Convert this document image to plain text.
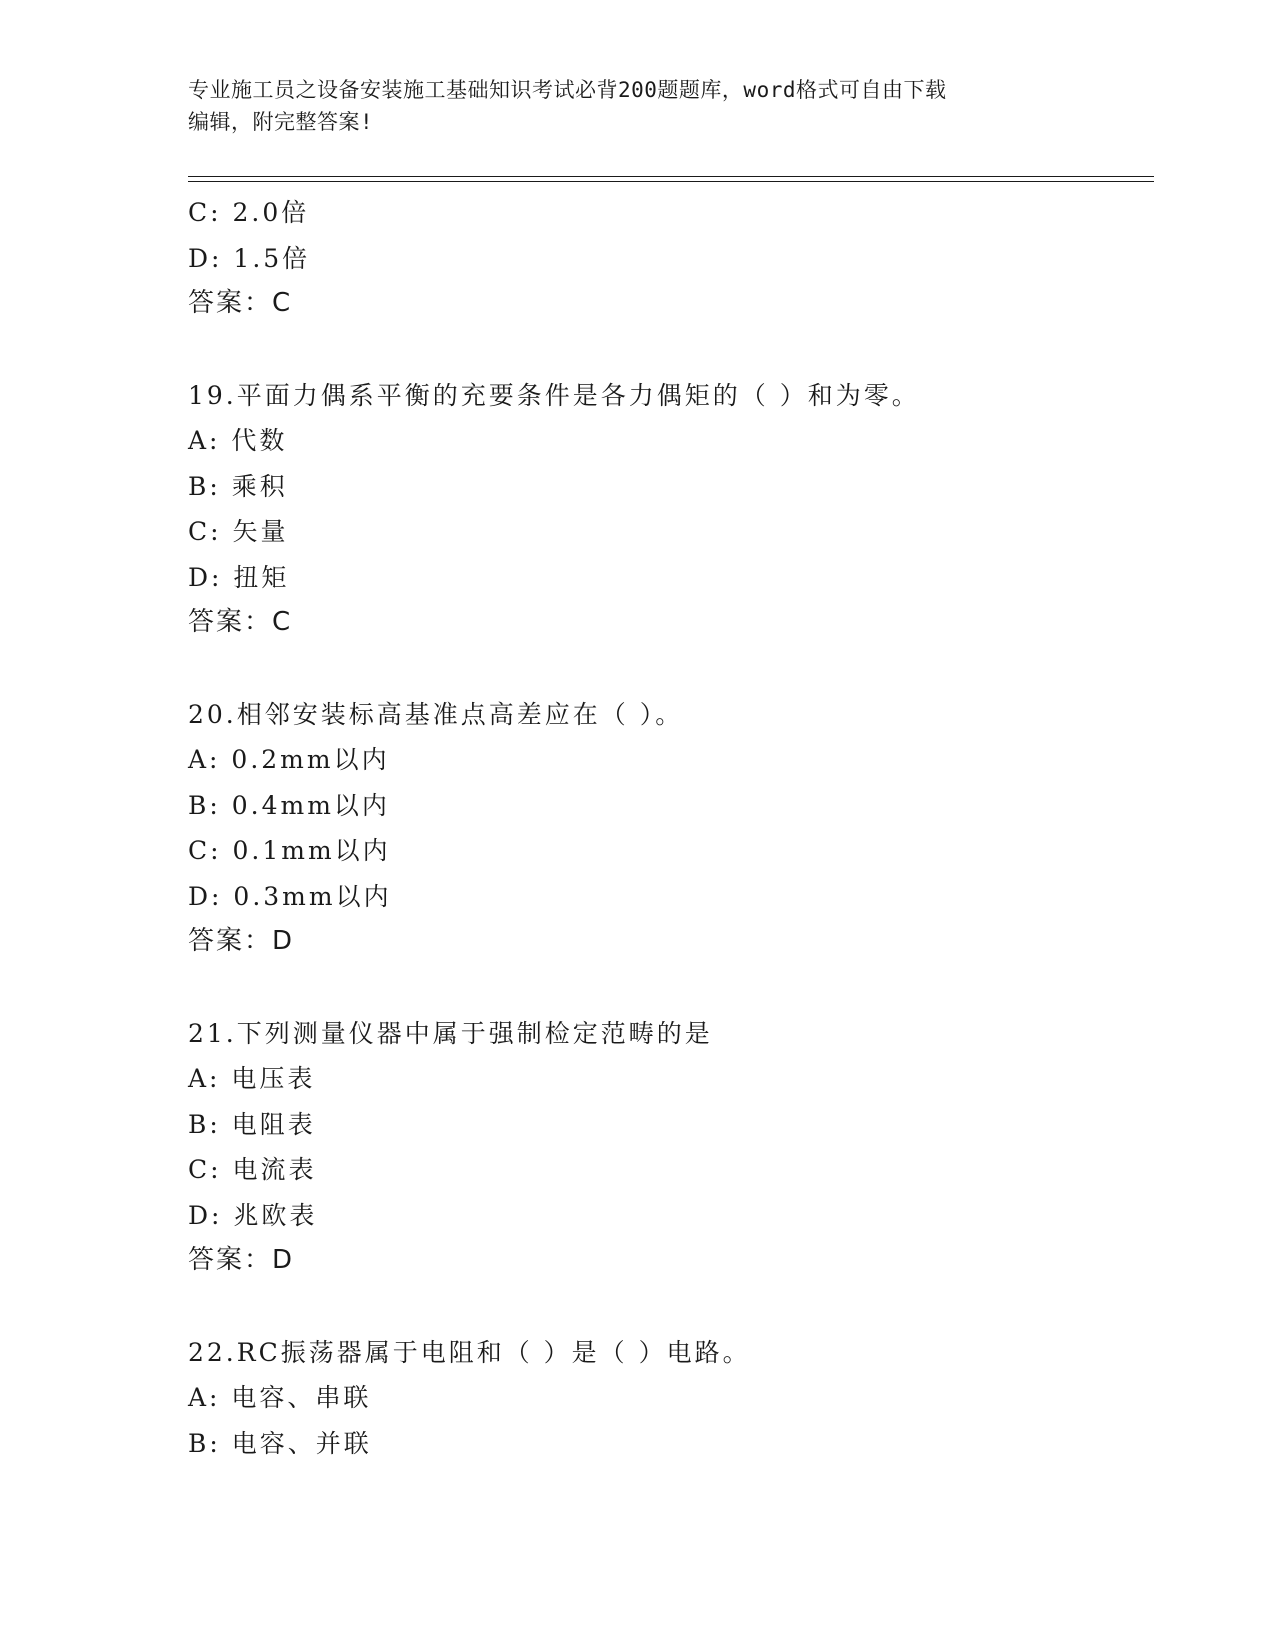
专业施工员之设备安装施工基础知识考试必背200题题库，word格式可自由下载
编辑，附完整答案!
C: 2.0倍
D: 1.5倍
答案：C
19.平面力偶系平衡的充要条件是各力偶矩的（ ）和为零。
A: 代数
B: 乘积
C: 矢量
D: 扭矩
答案：C
20.相邻安装标高基准点高差应在（ ）。
A: 0.2mm以内
B: 0.4mm以内
C: 0.1mm以内
D: 0.3mm以内
答案：D
21.下列测量仪器中属于强制检定范畴的是
A: 电压表
B: 电阻表
C: 电流表
D: 兆欧表
答案：D
22.RC振荡器属于电阻和（ ）是（ ）电路。
A: 电容、串联
B: 电容、并联
